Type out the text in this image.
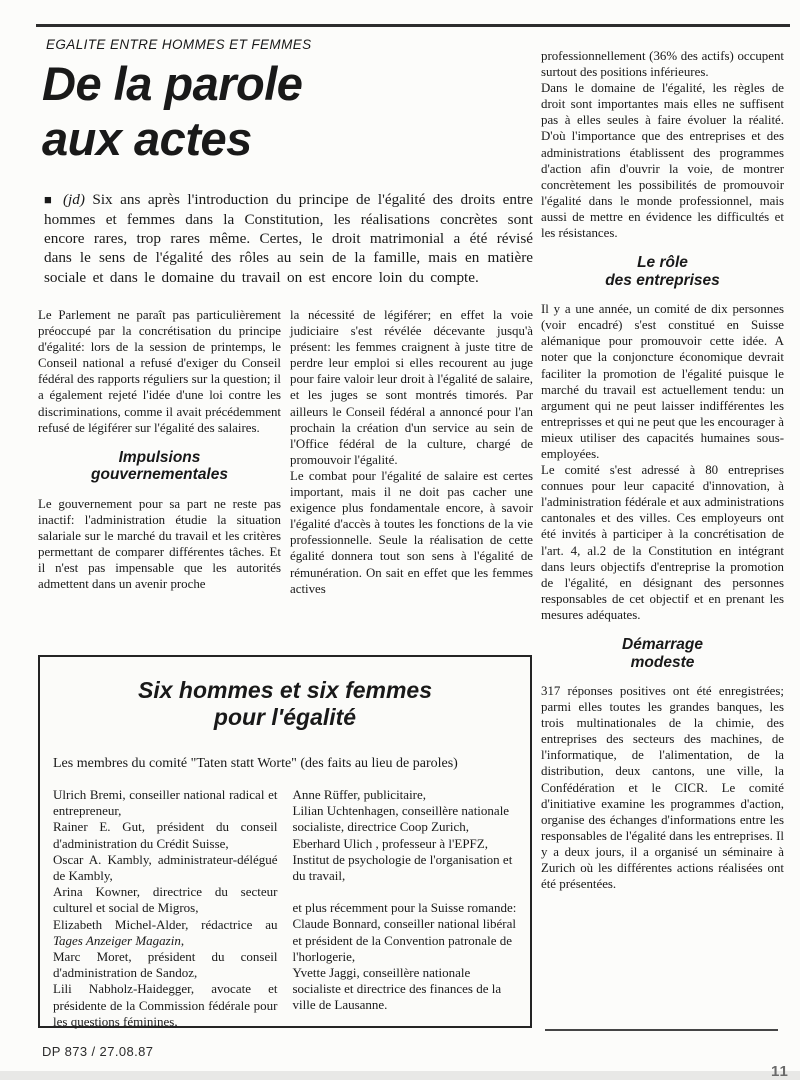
EGALITE ENTRE HOMMES ET FEMMES
De la parole
aux actes

■ (jd) Six ans après l'introduction du principe de l'égalité des droits entre hommes et femmes dans la Constitution, les réalisations concrètes sont encore rares, trop rares même. Certes, le droit matrimonial a été révisé dans le sens de l'égalité des rôles au sein de la famille, mais en matière sociale et dans le domaine du travail on est encore loin du compte.

Le Parlement ne paraît pas particulièrement préoccupé par la concrétisation du principe d'égalité: lors de la session de printemps, le Conseil national a refusé d'exiger du Conseil fédéral des rapports réguliers sur la question; il a également rejeté l'idée d'une loi contre les discriminations, comme il avait précédemment refusé de légiférer sur l'égalité des salaires.

Impulsions
gouvernementales

Le gouvernement pour sa part ne reste pas inactif: l'administration étudie la situation salariale sur le marché du travail et les critères permettant de comparer différentes tâches. Et il n'est pas impensable que les autorités admettent dans un avenir proche

la nécessité de légiférer; en effet la voie judiciaire s'est révélée décevante jusqu'à présent: les femmes craignent à juste titre de perdre leur emploi si elles recourent au juge pour faire valoir leur droit à l'égalité de salaire, et les juges se sont montrés timorés. Par ailleurs le Conseil fédéral a annoncé pour l'an prochain la création d'un service au sein de l'Office fédéral de la culture, chargé de promouvoir l'égalité.

Le combat pour l'égalité de salaire est certes important, mais il ne doit pas cacher une exigence plus fondamentale encore, à savoir l'égalité d'accès à toutes les fonctions de la vie professionnelle. Seule la réalisation de cette égalité donnera tout son sens à l'égalité de rémunération. On sait en effet que les femmes actives

professionnellement (36% des actifs) occupent surtout des positions inférieures.

Dans le domaine de l'égalité, les règles de droit sont importantes mais elles ne suffisent pas à elles seules à faire évoluer la réalité. D'où l'importance que des entreprises et des administrations établissent des programmes d'action afin d'ouvrir la voie, de montrer concrètement les possibilités de promouvoir l'égalité dans le monde professionnel, mais aussi de mettre en évidence les difficultés et les résistances.

Le rôle
des entreprises

Il y a une année, un comité de dix personnes (voir encadré) s'est constitué en Suisse alémanique pour promouvoir cette idée. A noter que la conjoncture économique devrait faciliter la promotion de l'égalité puisque le marché du travail est actuellement tendu: un argument qui ne peut laisser indifférentes les entreprisses et qui ne peut que les encourager à mieux utiliser des capacités humaines sous-employées.

Le comité s'est adressé à 80 entreprises connues pour leur capacité d'innovation, à l'administration fédérale et aux administrations cantonales et des villes. Ces employeurs ont été invités à participer à la concrétisation de l'art. 4, al.2 de la Constitution en intégrant dans leurs objectifs d'entreprise la promotion de l'égalité, en désignant des personnes responsables de cet objectif et en prenant les mesures adéquates.

Démarrage
modeste

317 réponses positives ont été enregistrées; parmi elles toutes les grandes banques, les trois multinationales de la chimie, des entreprises des secteurs des machines, de l'informatique, de l'alimentation, de la distribution, deux cantons, une ville, la Confédération et le CICR. Le comité d'initiative examine les programmes d'action, organise des échanges d'informations entre les responsables de l'égalité dans les entreprises. Il y a deux jours, il a organisé un séminaire à Zurich où les différentes actions réalisées ont été présentées.

Six hommes et six femmes
pour l'égalité

Les membres du comité "Taten statt Worte" (des faits au lieu de paroles)

Ulrich Bremi, conseiller national radical et entrepreneur,

Rainer E. Gut, président du conseil d'administration du Crédit Suisse,

Oscar A. Kambly, administrateur-délégué de Kambly,

Arina Kowner, directrice du secteur culturel et social de Migros,

Elizabeth Michel-Alder, rédactrice au Tages Anzeiger Magazin,

Marc Moret, président du conseil d'administration de Sandoz,

Lili Nabholz-Haidegger, avocate et présidente de la Commission fédérale pour les questions féminines,

Anne Rüffer, publicitaire,

Lilian Uchtenhagen, conseillère nationale socialiste, directrice Coop Zurich,

Eberhard Ulich , professeur à l'EPFZ, Institut de psychologie de l'organisation et du travail,

et plus récemment pour la Suisse romande:

Claude Bonnard, conseiller national libéral et président de la Convention patronale de l'horlogerie,

Yvette Jaggi, conseillère nationale socialiste et directrice des finances de la ville de Lausanne.

DP 873 / 27.08.87
11
